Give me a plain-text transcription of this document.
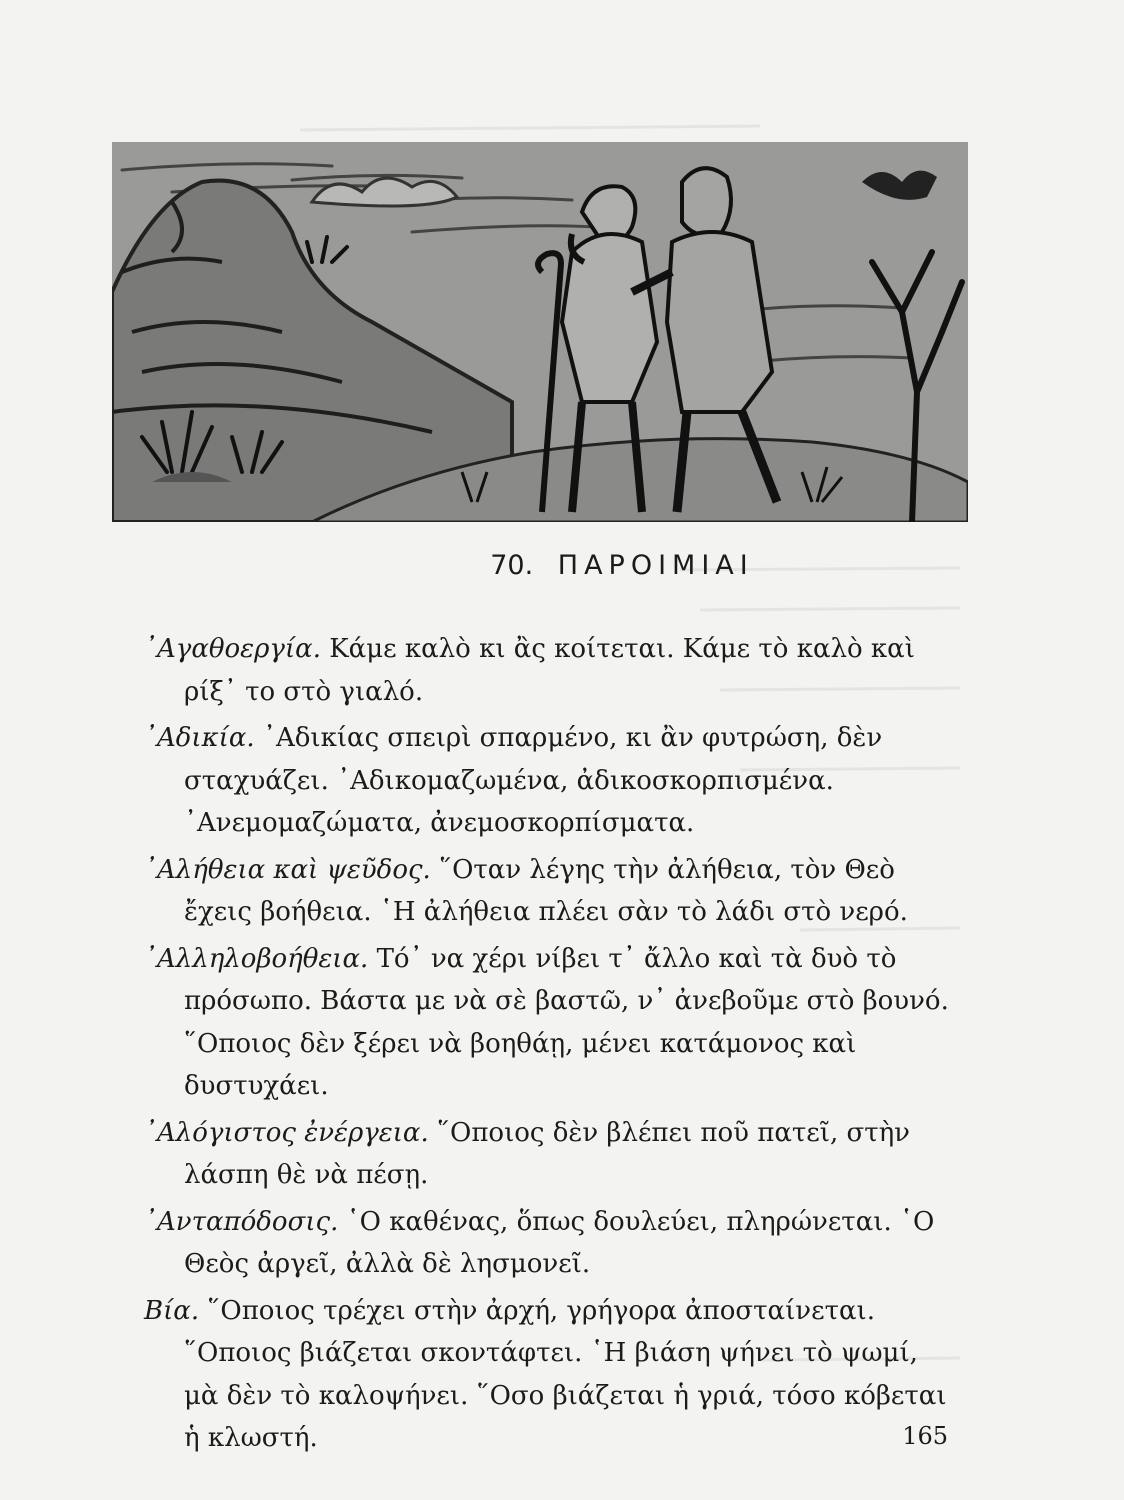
70. ΠΑΡΟΙΜΙΑΙ

᾿Αγαθοεργία. Κάμε καλὸ κι ἂς κοίτεται. Κάμε τὸ καλὸ καὶ ρίξ᾿ το στὸ γιαλό.

᾿Αδικία. ᾿Αδικίας σπειρὶ σπαρμένο, κι ἂν φυτρώση, δὲν σταχυάζει. ᾿Αδικομαζωμένα, ἀδικοσκορπισμένα. ᾿Ανεμομαζώματα, ἀνεμοσκορπίσματα.

᾿Αλήθεια καὶ ψεῦδος. ῞Οταν λέγης τὴν ἀλήθεια, τὸν Θεὸ ἔχεις βοήθεια. ῾Η ἀλήθεια πλέει σὰν τὸ λάδι στὸ νερό.

᾿Αλληλοβοήθεια. Τό᾿ να χέρι νίβει τ᾿ ἄλλο καὶ τὰ δυὸ τὸ πρόσωπο. Βάστα με νὰ σὲ βαστῶ, ν᾿ ἀνεβοῦμε στὸ βουνό. ῞Οποιος δὲν ξέρει νὰ βοηθάῃ, μένει κατάμονος καὶ δυστυχάει.

᾿Αλόγιστος ἐνέργεια. ῞Οποιος δὲν βλέπει ποῦ πατεῖ, στὴν λάσπη θὲ νὰ πέσῃ.

᾿Ανταπόδοσις. ῾Ο καθένας, ὅπως δουλεύει, πληρώνεται. ῾Ο Θεὸς ἀργεῖ, ἀλλὰ δὲ λησμονεῖ.

Βία. ῞Οποιος τρέχει στὴν ἀρχή, γρήγορα ἀποσταίνεται. ῞Οποιος βιάζεται σκοντάφτει. ῾Η βιάση ψήνει τὸ ψωμί, μὰ δὲν τὸ καλοψήνει. ῞Οσο βιάζεται ἡ γριά, τόσο κόβεται ἡ κλωστή.	165
